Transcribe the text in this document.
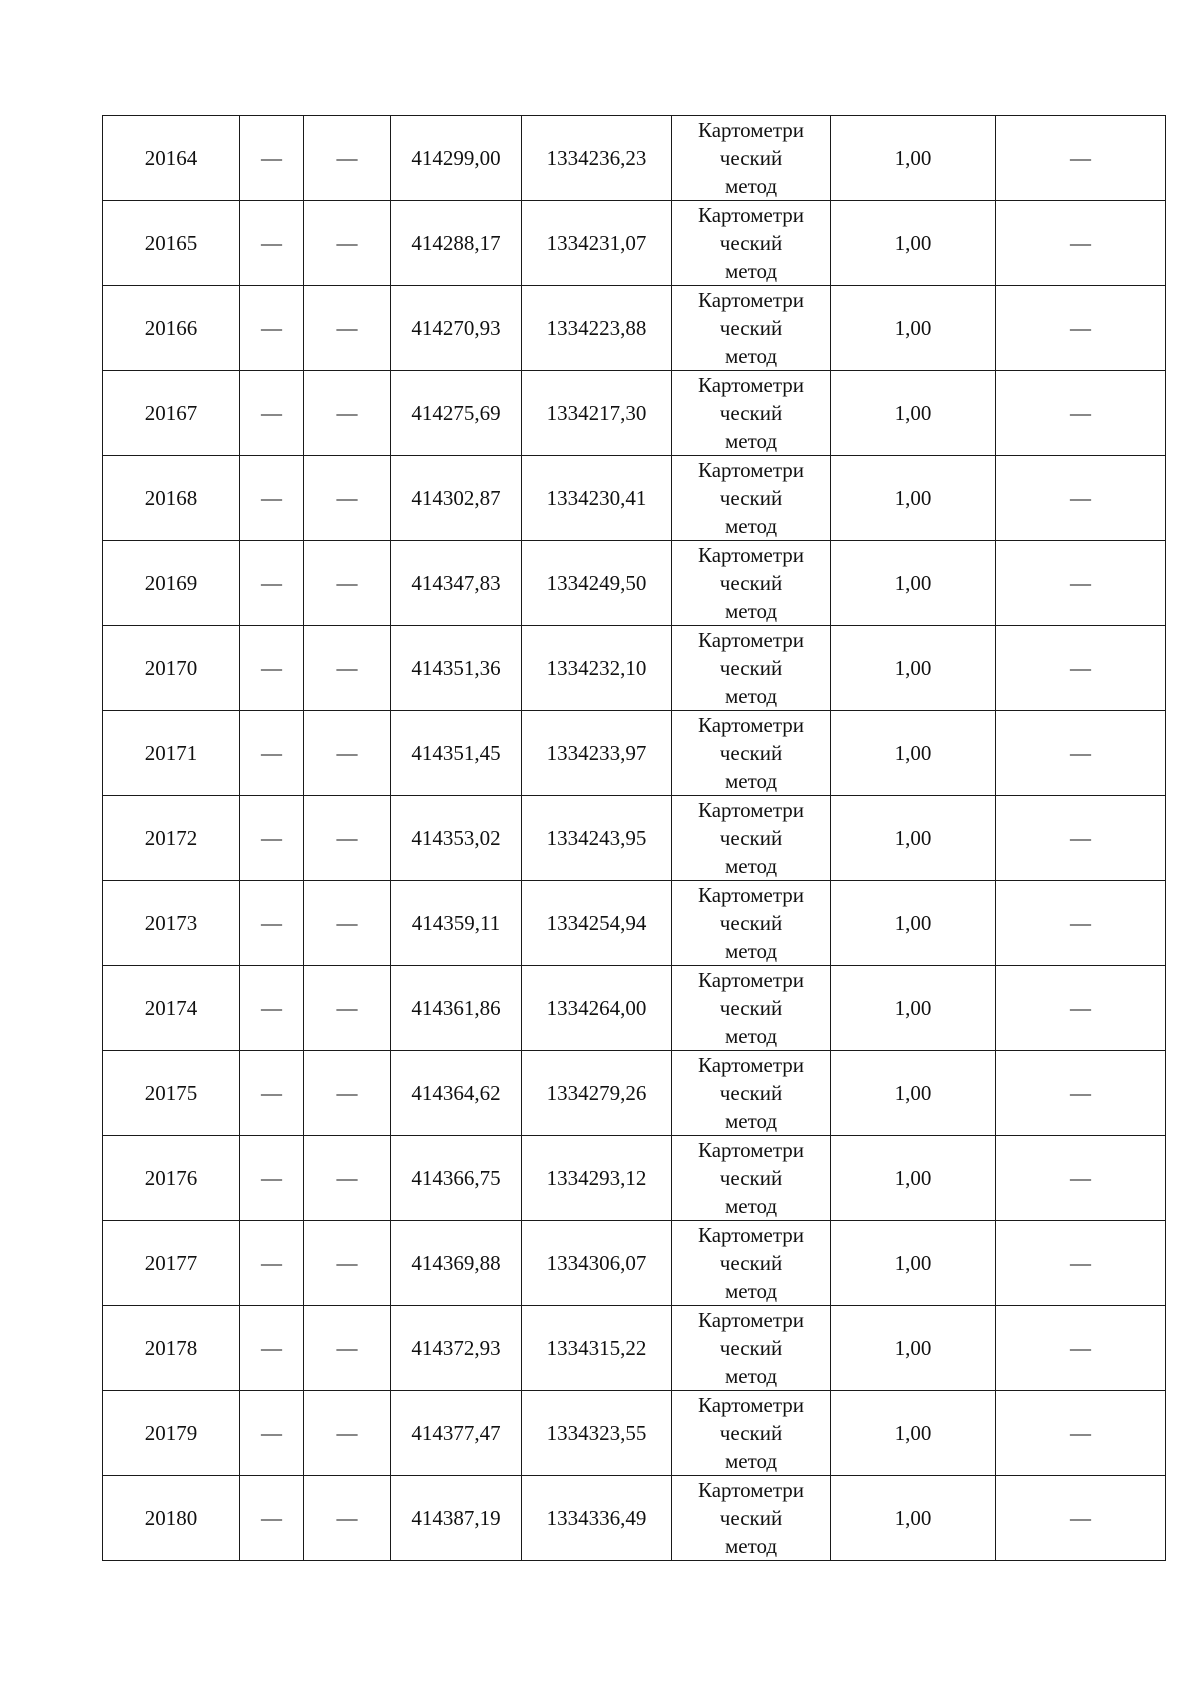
20164	—	—	414299,00	1334236,23	Картометри
ческий
метод	1,00	—
20165	—	—	414288,17	1334231,07	Картометри
ческий
метод	1,00	—
20166	—	—	414270,93	1334223,88	Картометри
ческий
метод	1,00	—
20167	—	—	414275,69	1334217,30	Картометри
ческий
метод	1,00	—
20168	—	—	414302,87	1334230,41	Картометри
ческий
метод	1,00	—
20169	—	—	414347,83	1334249,50	Картометри
ческий
метод	1,00	—
20170	—	—	414351,36	1334232,10	Картометри
ческий
метод	1,00	—
20171	—	—	414351,45	1334233,97	Картометри
ческий
метод	1,00	—
20172	—	—	414353,02	1334243,95	Картометри
ческий
метод	1,00	—
20173	—	—	414359,11	1334254,94	Картометри
ческий
метод	1,00	—
20174	—	—	414361,86	1334264,00	Картометри
ческий
метод	1,00	—
20175	—	—	414364,62	1334279,26	Картометри
ческий
метод	1,00	—
20176	—	—	414366,75	1334293,12	Картометри
ческий
метод	1,00	—
20177	—	—	414369,88	1334306,07	Картометри
ческий
метод	1,00	—
20178	—	—	414372,93	1334315,22	Картометри
ческий
метод	1,00	—
20179	—	—	414377,47	1334323,55	Картометри
ческий
метод	1,00	—
20180	—	—	414387,19	1334336,49	Картометри
ческий
метод	1,00	—
